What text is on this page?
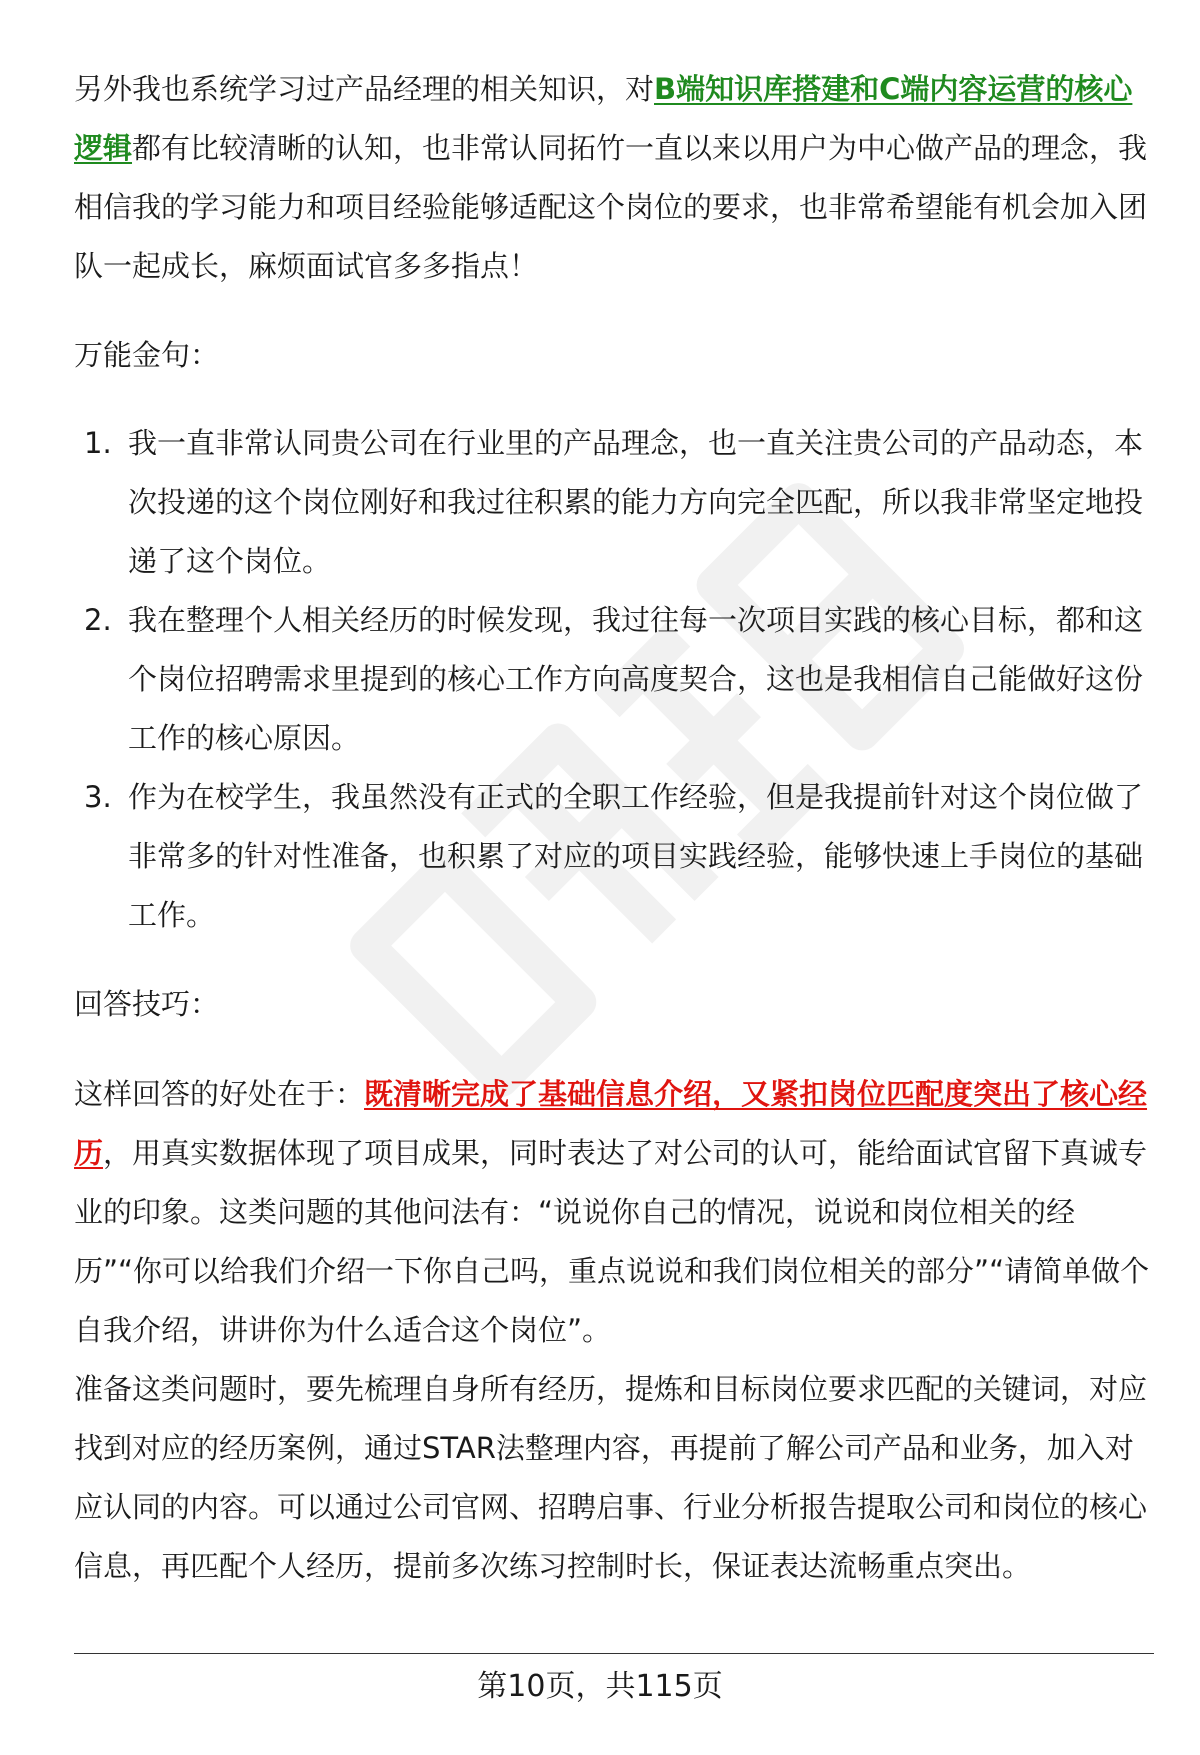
另外我也系统学习过产品经理的相关知识，对B端知识库搭建和C端内容运营的核心逻辑都有比较清晰的认知，也非常认同拓竹一直以来以用户为中心做产品的理念，我相信我的学习能力和项目经验能够适配这个岗位的要求，也非常希望能有机会加入团队一起成长，麻烦面试官多多指点！

万能金句：

1. 我一直非常认同贵公司在行业里的产品理念，也一直关注贵公司的产品动态，本次投递的这个岗位刚好和我过往积累的能力方向完全匹配，所以我非常坚定地投递了这个岗位。
2. 我在整理个人相关经历的时候发现，我过往每一次项目实践的核心目标，都和这个岗位招聘需求里提到的核心工作方向高度契合，这也是我相信自己能做好这份工作的核心原因。
3. 作为在校学生，我虽然没有正式的全职工作经验，但是我提前针对这个岗位做了非常多的针对性准备，也积累了对应的项目实践经验，能够快速上手岗位的基础工作。

回答技巧：

这样回答的好处在于：既清晰完成了基础信息介绍，又紧扣岗位匹配度突出了核心经历，用真实数据体现了项目成果，同时表达了对公司的认可，能给面试官留下真诚专业的印象。这类问题的其他问法有：“说说你自己的情况，说说和岗位相关的经历”“你可以给我们介绍一下你自己吗，重点说说和我们岗位相关的部分”“请简单做个自我介绍，讲讲你为什么适合这个岗位”。

准备这类问题时，要先梳理自身所有经历，提炼和目标岗位要求匹配的关键词，对应找到对应的经历案例，通过STAR法整理内容，再提前了解公司产品和业务，加入对应认同的内容。可以通过公司官网、招聘启事、行业分析报告提取公司和岗位的核心信息，再匹配个人经历，提前多次练习控制时长，保证表达流畅重点突出。

第10页，共115页
